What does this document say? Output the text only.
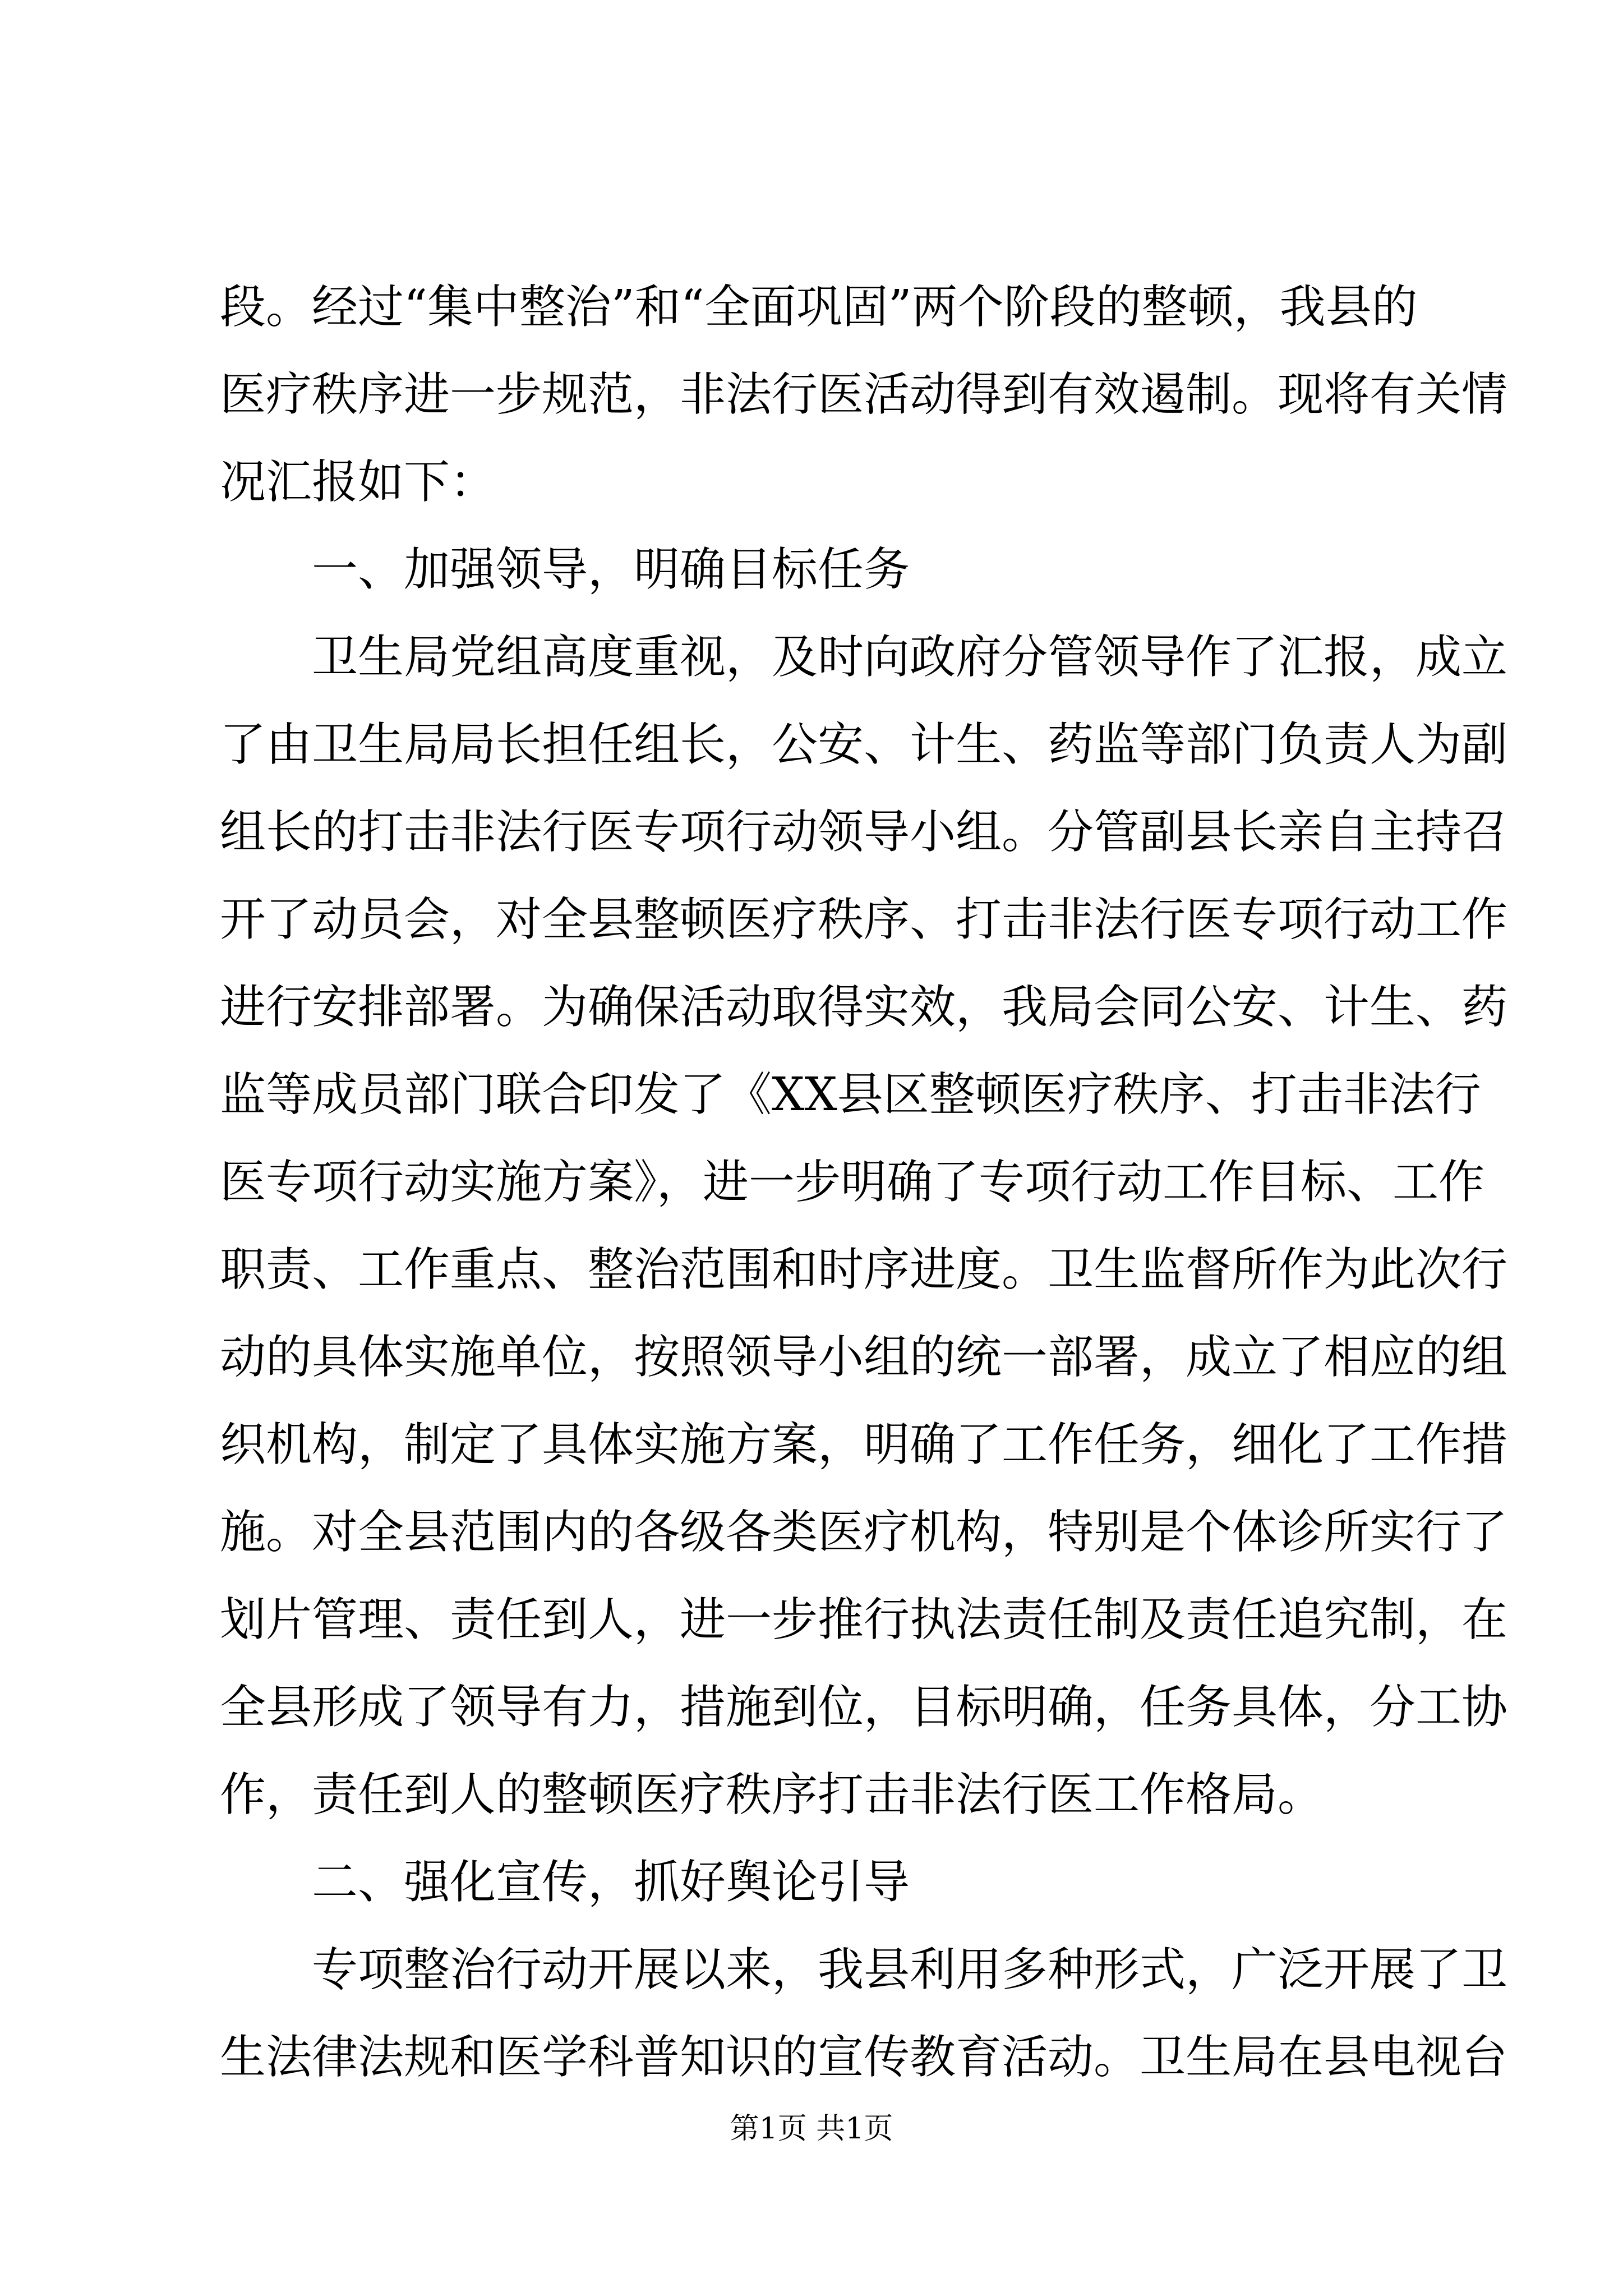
段。经过“集中整治”和“全面巩固”两个阶段的整顿，我县的
医疗秩序进一步规范，非法行医活动得到有效遏制。现将有关情
况汇报如下：
一、加强领导，明确目标任务
卫生局党组高度重视，及时向政府分管领导作了汇报，成立
了由卫生局局长担任组长，公安、计生、药监等部门负责人为副
组长的打击非法行医专项行动领导小组。分管副县长亲自主持召
开了动员会，对全县整顿医疗秩序、打击非法行医专项行动工作
进行安排部署。为确保活动取得实效，我局会同公安、计生、药
监等成员部门联合印发了《XX县区整顿医疗秩序、打击非法行
医专项行动实施方案》，进一步明确了专项行动工作目标、工作
职责、工作重点、整治范围和时序进度。卫生监督所作为此次行
动的具体实施单位，按照领导小组的统一部署，成立了相应的组
织机构，制定了具体实施方案，明确了工作任务，细化了工作措
施。对全县范围内的各级各类医疗机构，特别是个体诊所实行了
划片管理、责任到人，进一步推行执法责任制及责任追究制，在
全县形成了领导有力，措施到位，目标明确，任务具体，分工协
作，责任到人的整顿医疗秩序打击非法行医工作格局。
二、强化宣传，抓好舆论引导
专项整治行动开展以来，我县利用多种形式，广泛开展了卫
生法律法规和医学科普知识的宣传教育活动。卫生局在县电视台
第1页 共1页
